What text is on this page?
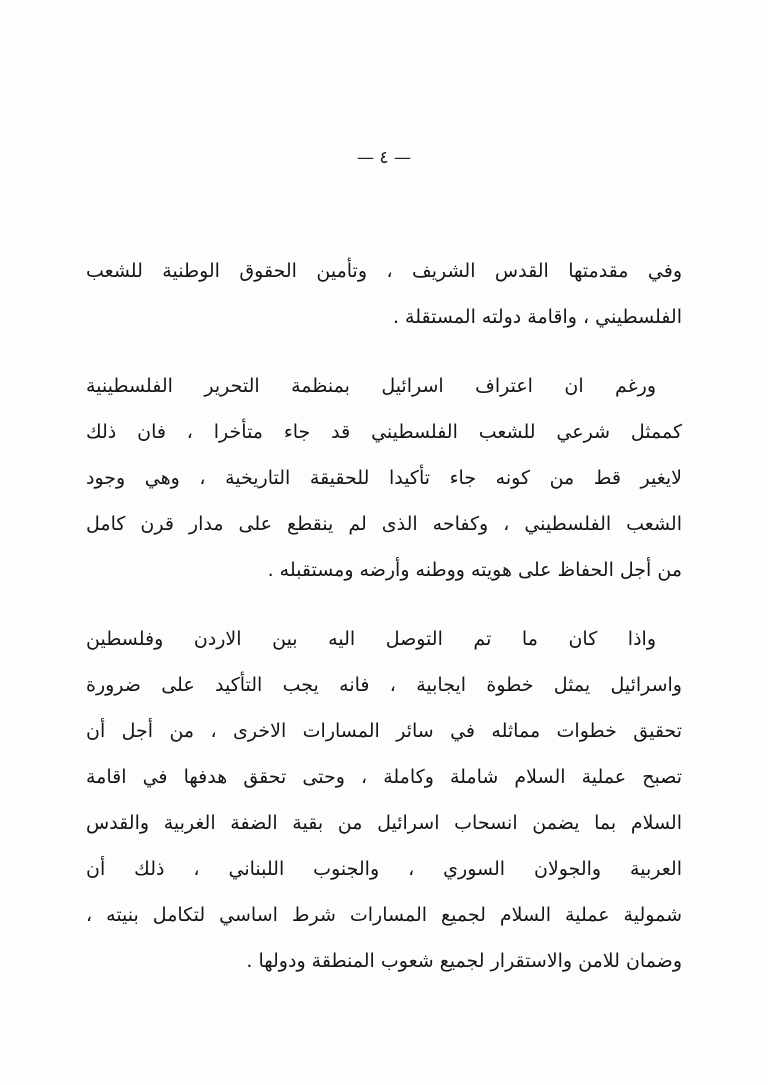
— ٤ —
وفي مقدمتها القدس الشريف ، وتأمين الحقوق الوطنية للشعب
الفلسطيني ، واقامة دولته المستقلة .
ورغم ان اعتراف اسرائيل بمنظمة التحرير الفلسطينية
كممثل شرعي للشعب الفلسطيني قد جاء متأخرا ، فان ذلك
لايغير قط من كونه جاء تأكيدا للحقيقة التاريخية ، وهي وجود
الشعب الفلسطيني ، وكفاحه الذى لم ينقطع على مدار قرن كامل
من أجل الحفاظ على هويته ووطنه وأرضه ومستقبله .
واذا كان ما تم التوصل اليه بين الاردن وفلسطين
واسرائيل يمثل خطوة ايجابية ، فانه يجب التأكيد على ضرورة
تحقيق خطوات مماثله في سائر المسارات الاخرى ، من أجل أن
تصبح عملية السلام شاملة وكاملة ، وحتى تحقق هدفها في اقامة
السلام بما يضمن انسحاب اسرائيل من بقية الضفة الغربية والقدس
العربية والجولان السوري ، والجنوب اللبناني ، ذلك أن
شمولية عملية السلام لجميع المسارات شرط اساسي لتكامل بنيته ،
وضمان للامن والاستقرار لجميع شعوب المنطقة ودولها .
